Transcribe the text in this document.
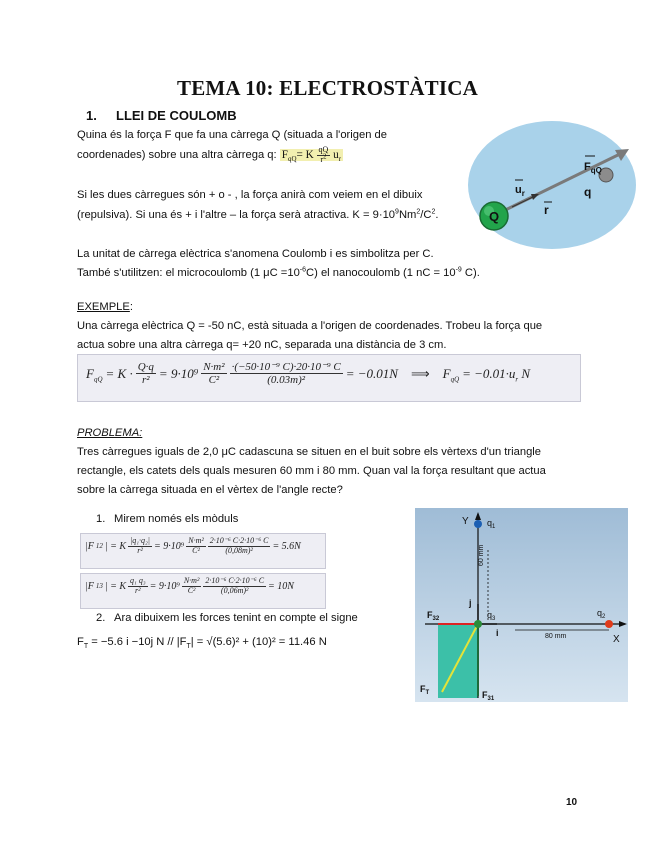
TEMA 10: ELECTROSTÀTICA
1. LLEI DE COULOMB
Quina és la força F que fa una càrrega Q (situada a l'origen de
coordenades) sobre una altra càrrega q: $F_{qQ}= K \frac{qQ}{r^2} u_r$
Si les dues càrregues són + o - , la força anirà com veiem en el dibuix
(repulsiva). Si una és + i l'altre – la força serà atractiva. $K = 9\cdot 10^9Nm^2/C^2$.
La unitat de càrrega elèctrica s'anomena Coulomb i es simbolitza per C.
També s'utilitzen: el microcoulomb (1 $\mu C =10^{-6}C$) el nanocoulomb (1 nC = $10^{-9}$ C).
EXEMPLE:
Una càrrega elèctrica Q = -50 nC, està situada a l'origen de coordenades. Trobeu la força que
actua sobre una altra càrrega q= +20 nC, separada una distància de 3 cm.
$F_{qQ} = K \cdot \frac{Q\cdot q}{\text{r²}} = 9\cdot 10^9 \frac{\text{N·m²}}{\text{C²}} \frac{\text{·(−50·10⁻⁹ C)·20·10⁻⁹ C}}{\text{(0.03m)²}} = -0.01N$ ⟹ $F_{qQ} = -0.01\cdot u_r$ N
PROBLEMA:
Tres càrregues iguals de 2,0 μC cadascuna se situen en el buit sobre els vèrtexs d'un triangle
rectangle, els catets dels quals mesuren 60 mm i 80 mm. Quan val la força resultant que actua
sobre la càrrega situada en el vèrtex de l'angle recte?
1. Mirem només els mòduls
|F 12 | = K $\frac{\text{|q₁·q₂|}}{\text{r²}} = 9\cdot 10^9 \frac{\text{N·m²}}{\text{C²}} \frac{\text{2·10⁻⁶ C·2·10⁻⁶ C}}{\text{(0,08m)²}} = 5.6N$
|F 13 | = K $\frac{\text{q₁ q₃}}{\text{r²}} = 9\cdot 10^9 \frac{\text{N·m²}}{\text{C²}} \frac{\text{2·10⁻⁶ C·2·10⁻⁶ C}}{\text{(0,06m)²}} = 10N$
2. Ara dibuixem les forces tenint en compte el signe
$F_T = -5.6$ i −10j $N // |F_T| = √(5.6)^2 + (10)^2 = 11.46$ N
Q
$F_{qQ}$
$u_r$	q
r
Y
X
$q_1$
$q_2$
$q_3$
j
i
60 mm
80 mm
$F_{32}$
$F_{31}$
$F_T$
10
